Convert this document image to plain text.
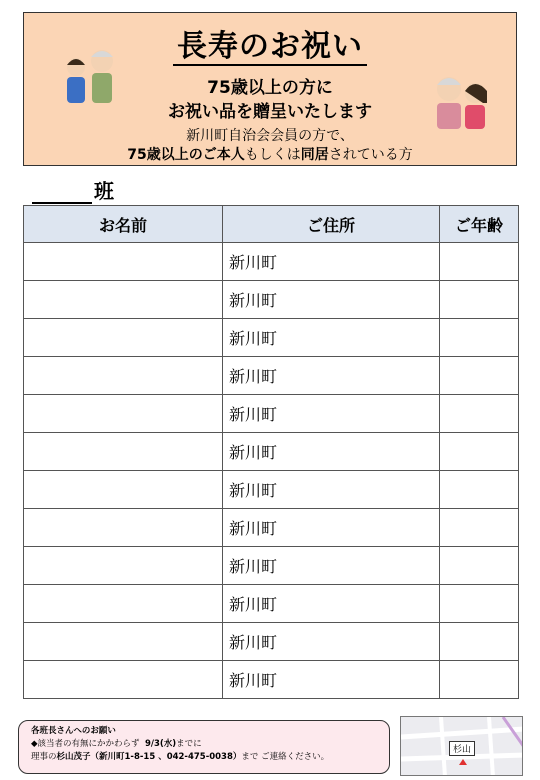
長寿のお祝い
75歳以上の方に
お祝い品を贈呈いたします
新川町自治会会員の方で、
75歳以上のご本人もしくは同居されている方
班
お名前	ご住所	ご年齢
	新川町	
	新川町	
	新川町	
	新川町	
	新川町	
	新川町	
	新川町	
	新川町	
	新川町	
	新川町	
	新川町	
	新川町	
各班長さんへのお願い
◆該当者の有無にかかわらず 9/3(水)までに
理事の杉山茂子（新川町1-8-15 、042-475-0038）まで ご連絡ください。
杉山
